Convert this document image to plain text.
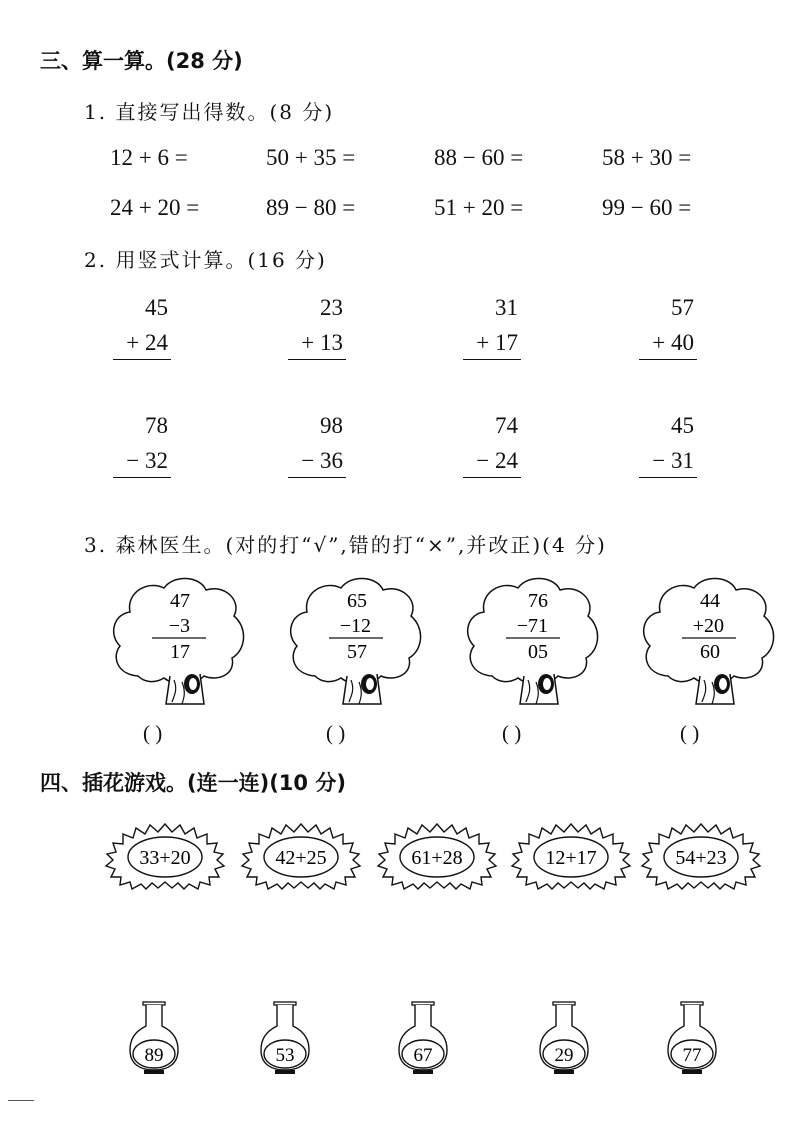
三、算一算。(28 分)
1. 直接写出得数。(8 分)
12 + 6 =	50 + 35 =	88 − 60 =	58 + 30 =
24 + 20 =	89 − 80 =	51 + 20 =	99 − 60 =
2. 用竖式计算。(16 分)
45
+ 24
23
+ 13
31
+ 17
57
+ 40
78
− 32
98
− 36
74
− 24
45
− 31
3. 森林医生。(对的打“√”,错的打“×”,并改正)(4 分)
47
−3
17
( )
65
−12
57
( )
76
−71
05
( )
44
+20
60
( )
四、插花游戏。(连一连)(10 分)
33+20	42+25	61+28	12+17	54+23
89	53	67	29	77
